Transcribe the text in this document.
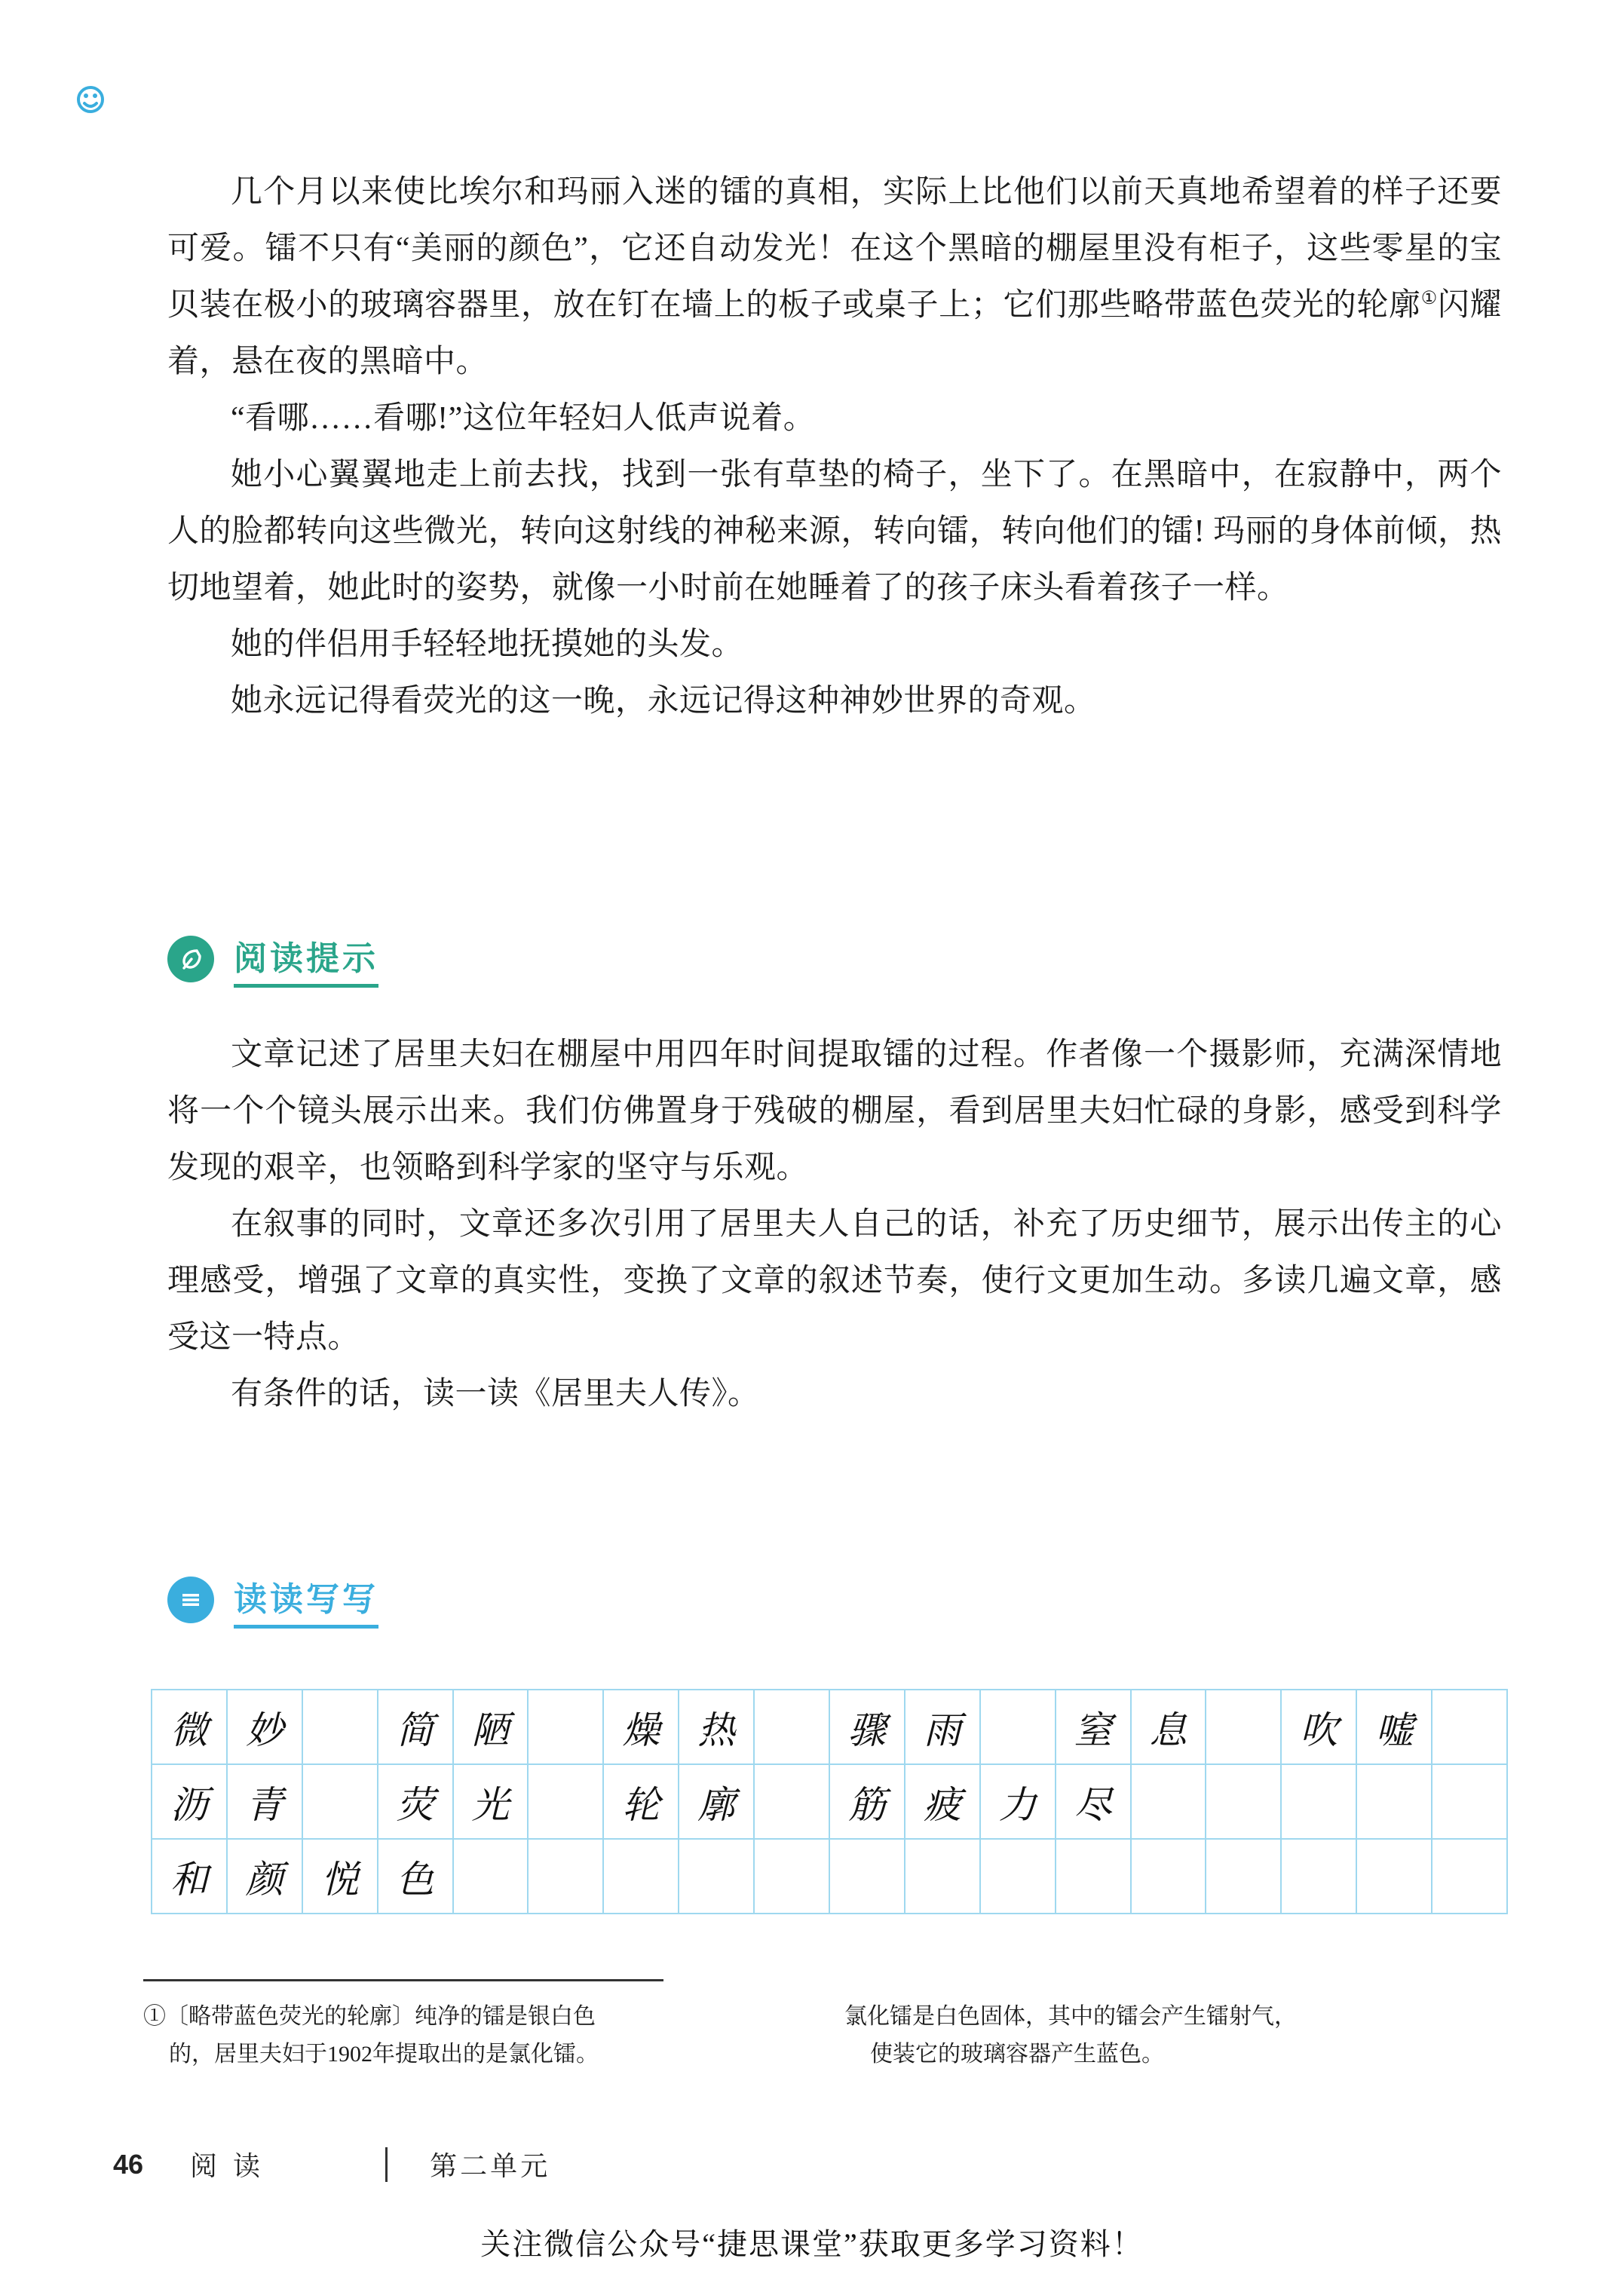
几个月以来使比埃尔和玛丽入迷的镭的真相，实际上比他们以前天真地希望着的样子还要可爱。镭不只有“美丽的颜色”，它还自动发光！在这个黑暗的棚屋里没有柜子，这些零星的宝贝装在极小的玻璃容器里，放在钉在墙上的板子或桌子上；它们那些略带蓝色荧光的轮廓①闪耀着，悬在夜的黑暗中。

“看哪……看哪!”这位年轻妇人低声说着。

她小心翼翼地走上前去找，找到一张有草垫的椅子，坐下了。在黑暗中，在寂静中，两个人的脸都转向这些微光，转向这射线的神秘来源，转向镭，转向他们的镭! 玛丽的身体前倾，热切地望着，她此时的姿势，就像一小时前在她睡着了的孩子床头看着孩子一样。

她的伴侣用手轻轻地抚摸她的头发。

她永远记得看荧光的这一晚，永远记得这种神妙世界的奇观。

阅读提示

文章记述了居里夫妇在棚屋中用四年时间提取镭的过程。作者像一个摄影师，充满深情地将一个个镜头展示出来。我们仿佛置身于残破的棚屋，看到居里夫妇忙碌的身影，感受到科学发现的艰辛，也领略到科学家的坚守与乐观。

在叙事的同时，文章还多次引用了居里夫人自己的话，补充了历史细节，展示出传主的心理感受，增强了文章的真实性，变换了文章的叙述节奏，使行文更加生动。多读几遍文章，感受这一特点。

有条件的话，读一读《居里夫人传》。

读读写写
微	妙		简	陋		燥	热		骤	雨		窒	息		吹	嘘	
沥	青		荧	光		轮	廓		筋	疲	力	尽					
和	颜	悦	色														

①〔略带蓝色荧光的轮廓〕纯净的镭是银白色

的，居里夫妇于1902年提取出的是氯化镭。

氯化镭是白色固体，其中的镭会产生镭射气，

使装它的玻璃容器产生蓝色。

46 阅 读	第二单元
关注微信公众号“捷思课堂”获取更多学习资料！
